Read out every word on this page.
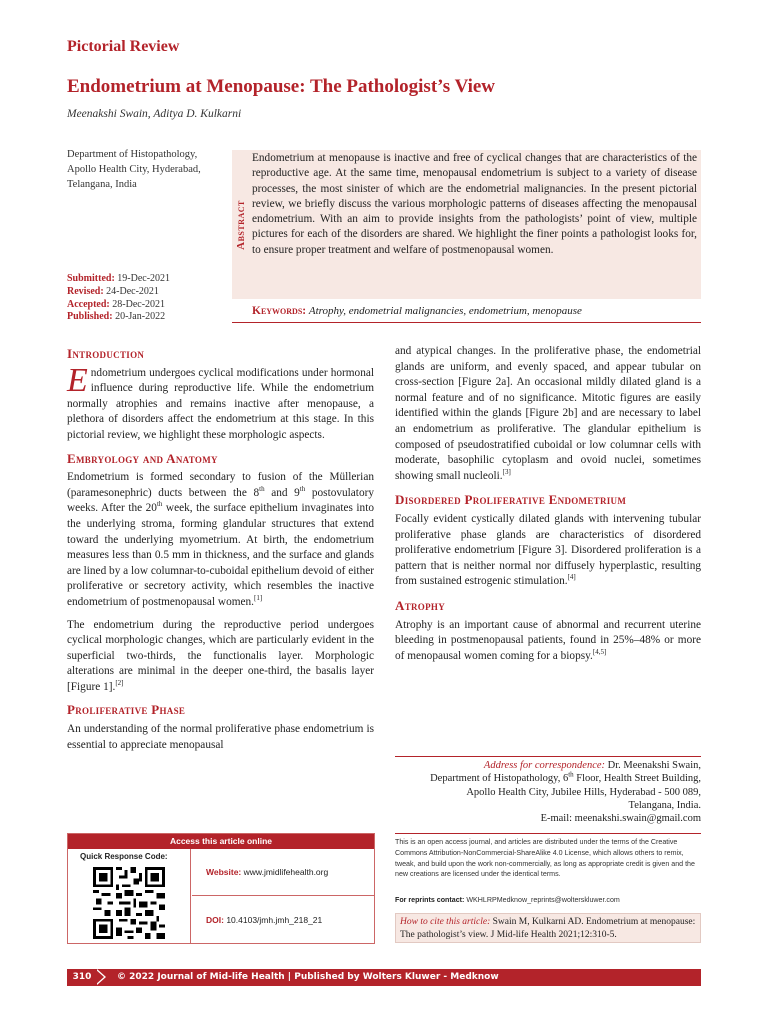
Pictorial Review
Endometrium at Menopause: The Pathologist’s View
Meenakshi Swain, Aditya D. Kulkarni
Department of Histopathology, Apollo Health City, Hyderabad, Telangana, India
Submitted: 19-Dec-2021
Revised: 24-Dec-2021
Accepted: 28-Dec-2021
Published: 20-Jan-2022
Abstract
Endometrium at menopause is inactive and free of cyclical changes that are characteristics of the reproductive age. At the same time, menopausal endometrium is subject to a variety of disease processes, the most sinister of which are the endometrial malignancies. In the present pictorial review, we briefly discuss the various morphologic patterns of diseases affecting the menopausal endometrium. With an aim to provide insights from the pathologists’ point of view, multiple pictures for each of the disorders are shared. We highlight the finer points a pathologist looks for, to ensure proper treatment and welfare of postmenopausal women.
Keywords: Atrophy, endometrial malignancies, endometrium, menopause
Introduction

Endometrium undergoes cyclical modifications under hormonal influence during reproductive life. While the endometrium normally atrophies and remains inactive after menopause, a plethora of disorders affect the endometrium at this stage. In this pictorial review, we highlight these morphologic aspects.

Embryology and Anatomy

Endometrium is formed secondary to fusion of the Müllerian (paramesonephric) ducts between the 8th and 9th postovulatory weeks. After the 20th week, the surface epithelium invaginates into the underlying stroma, forming glandular structures that extend toward the underlying myometrium. At birth, the endometrium measures less than 0.5 mm in thickness, and the surface and glands are lined by a low columnar-to-cuboidal epithelium devoid of either proliferative or secretory activity, which resembles the inactive endometrium of postmenopausal women.[1]

The endometrium during the reproductive period undergoes cyclical morphologic changes, which are particularly evident in the superficial two-thirds, the functionalis layer. Morphologic alterations are minimal in the deeper one-third, the basalis layer [Figure 1].[2]

Proliferative Phase

An understanding of the normal proliferative phase endometrium is essential to appreciate menopausal

and atypical changes. In the proliferative phase, the endometrial glands are uniform, and evenly spaced, and appear tubular on cross-section [Figure 2a]. An occasional mildly dilated gland is a normal feature and of no significance. Mitotic figures are easily identified within the glands [Figure 2b] and are necessary to label an endometrium as proliferative. The glandular epithelium is composed of pseudostratified cuboidal or low columnar cells with moderate, basophilic cytoplasm and ovoid nuclei, sometimes showing small nucleoli.[3]

Disordered Proliferative Endometrium

Focally evident cystically dilated glands with intervening tubular proliferative phase glands are characteristics of disordered proliferative endometrium [Figure 3]. Disordered proliferation is a pattern that is neither normal nor diffusely hyperplastic, resulting from sustained estrogenic stimulation.[4]

Atrophy

Atrophy is an important cause of abnormal and recurrent uterine bleeding in postmenopausal patients, found in 25%–48% or more of menopausal women coming for a biopsy.[4,5]

Address for correspondence: Dr. Meenakshi Swain,
Department of Histopathology, 6th Floor, Health Street Building,
Apollo Health City, Jubilee Hills, Hyderabad - 500 089,
Telangana, India.
E-mail: meenakshi.swain@gmail.com
Access this article online
Quick Response Code:
Website: www.jmidlifehealth.org
DOI: 10.4103/jmh.jmh_218_21
This is an open access journal, and articles are distributed under the terms of the Creative Commons Attribution-NonCommercial-ShareAlike 4.0 License, which allows others to remix, tweak, and build upon the work non-commercially, as long as appropriate credit is given and the new creations are licensed under the identical terms.
For reprints contact: WKHLRPMedknow_reprints@wolterskluwer.com
How to cite this article: Swain M, Kulkarni AD. Endometrium at menopause: The pathologist’s view. J Mid-life Health 2021;12:310-5.
310	© 2022 Journal of Mid-life Health | Published by Wolters Kluwer - Medknow
